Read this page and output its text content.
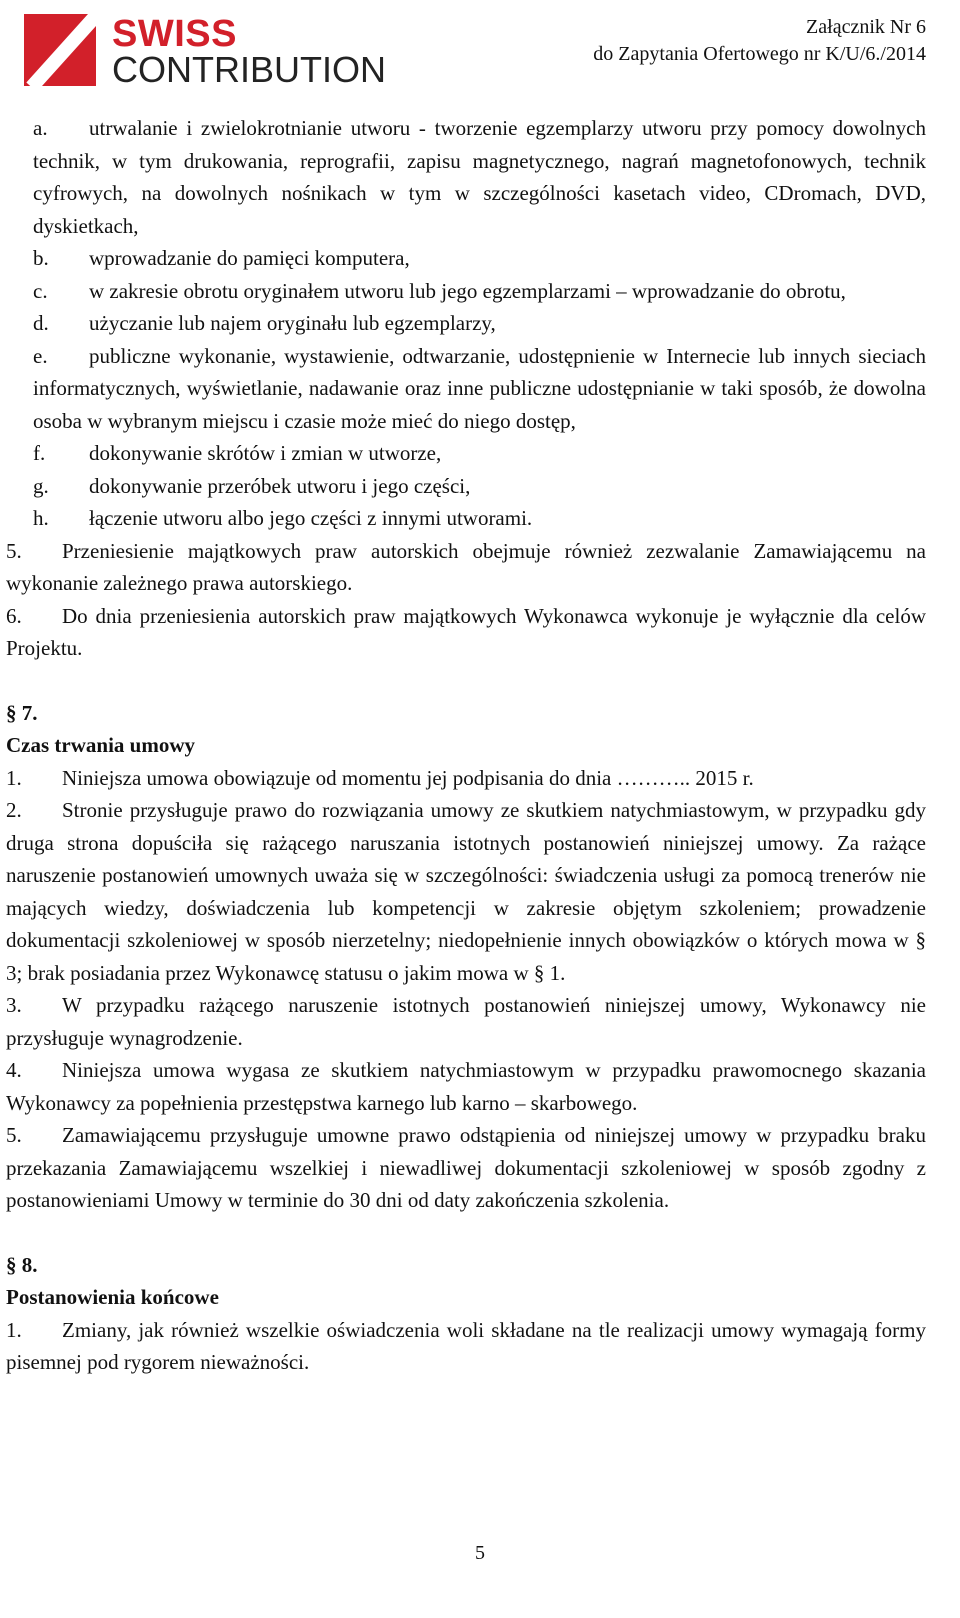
SWISS
CONTRIBUTION
Załącznik Nr 6
do Zapytania Ofertowego nr K/U/6./2014

a. utrwalanie i zwielokrotnianie utworu - tworzenie egzemplarzy utworu przy pomocy dowolnych technik, w tym drukowania, reprografii, zapisu magnetycznego, nagrań magnetofonowych, technik cyfrowych, na dowolnych nośnikach w tym w szczególności kasetach video, CDromach, DVD, dyskietkach,

b. wprowadzanie do pamięci komputera,

c. w zakresie obrotu oryginałem utworu lub jego egzemplarzami – wprowadzanie do obrotu,

d. użyczanie lub najem oryginału lub egzemplarzy,

e. publiczne wykonanie, wystawienie, odtwarzanie, udostępnienie w Internecie lub innych sieciach informatycznych, wyświetlanie, nadawanie oraz inne publiczne udostępnianie w taki sposób, że dowolna osoba w wybranym miejscu i czasie może mieć do niego dostęp,

f. dokonywanie skrótów i zmian w utworze,

g. dokonywanie przeróbek utworu i jego części,

h. łączenie utworu albo jego części z innymi utworami.

5. Przeniesienie majątkowych praw autorskich obejmuje również zezwalanie Zamawiającemu na wykonanie zależnego prawa autorskiego.

6. Do dnia przeniesienia autorskich praw majątkowych Wykonawca wykonuje je wyłącznie dla celów Projektu.

§ 7.

Czas trwania umowy

1. Niniejsza umowa obowiązuje od momentu jej podpisania do dnia ……….. 2015 r.

2. Stronie przysługuje prawo do rozwiązania umowy ze skutkiem natychmiastowym, w przypadku gdy druga strona dopuściła się rażącego naruszania istotnych postanowień niniejszej umowy. Za rażące naruszenie postanowień umownych uważa się w szczególności: świadczenia usługi za pomocą trenerów nie mających wiedzy, doświadczenia lub kompetencji w zakresie objętym szkoleniem; prowadzenie dokumentacji szkoleniowej w sposób nierzetelny; niedopełnienie innych obowiązków o których mowa w § 3; brak posiadania przez Wykonawcę statusu o jakim mowa w § 1.

3. W przypadku rażącego naruszenie istotnych postanowień niniejszej umowy, Wykonawcy nie przysługuje wynagrodzenie.

4. Niniejsza umowa wygasa ze skutkiem natychmiastowym w przypadku prawomocnego skazania Wykonawcy za popełnienia przestępstwa karnego lub karno – skarbowego.

5. Zamawiającemu przysługuje umowne prawo odstąpienia od niniejszej umowy w przypadku braku przekazania Zamawiającemu wszelkiej i niewadliwej dokumentacji szkoleniowej w sposób zgodny z postanowieniami Umowy w terminie do 30 dni od daty zakończenia szkolenia.

§ 8.

Postanowienia końcowe

1. Zmiany, jak również wszelkie oświadczenia woli składane na tle realizacji umowy wymagają formy pisemnej pod rygorem nieważności.

5
